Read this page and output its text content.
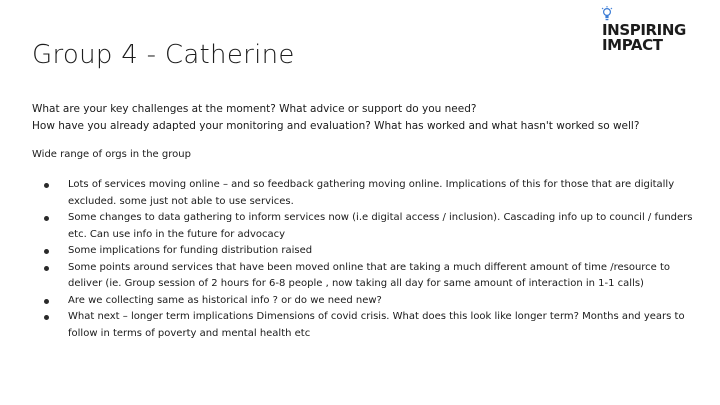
Group 4 - Catherine
INSPIRING
IMPACT
What are your key challenges at the moment? What advice or support do you need?
How have you already adapted your monitoring and evaluation? What has worked and what hasn't worked so well?
Wide range of orgs in the group
Lots of services moving online – and so feedback gathering moving online. Implications of this for those that are digitally excluded. some just not able to use services.
Some changes to data gathering to inform services now (i.e digital access / inclusion). Cascading info up to council / funders etc. Can use info in the future for advocacy
Some implications for funding distribution raised
Some points around services that have been moved online that are taking a much different amount of time /resource to deliver (ie. Group session of 2 hours for 6-8 people , now taking all day for same amount of interaction in 1-1 calls)
Are we collecting same as historical info ? or do we need new?
What next – longer term implications Dimensions of covid crisis. What does this look like longer term? Months and years to follow in terms of poverty and mental health etc
